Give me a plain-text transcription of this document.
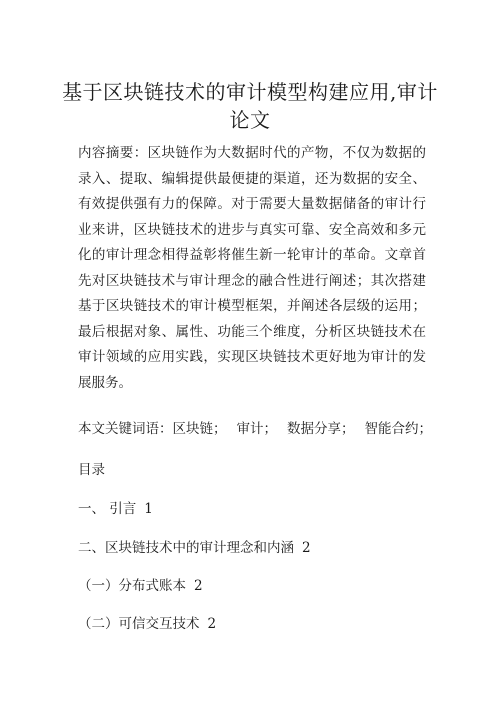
基于区块链技术的审计模型构建应用,审计
论文

内容摘要：区块链作为大数据时代的产物，不仅为数据的录入、提取、编辑提供最便捷的渠道，还为数据的安全、有效提供强有力的保障。对于需要大量数据储备的审计行业来讲，区块链技术的进步与真实可靠、安全高效和多元化的审计理念相得益彰将催生新一轮审计的革命。文章首先对区块链技术与审计理念的融合性进行阐述；其次搭建基于区块链技术的审计模型框架，并阐述各层级的运用；最后根据对象、属性、功能三个维度，分析区块链技术在审计领域的应用实践，实现区块链技术更好地为审计的发展服务。

本文关键词语：区块链； 审计； 数据分享； 智能合约；
目录
一、 引言 1
二、区块链技术中的审计理念和内涵 2
（一）分布式账本 2
（二）可信交互技术 2
